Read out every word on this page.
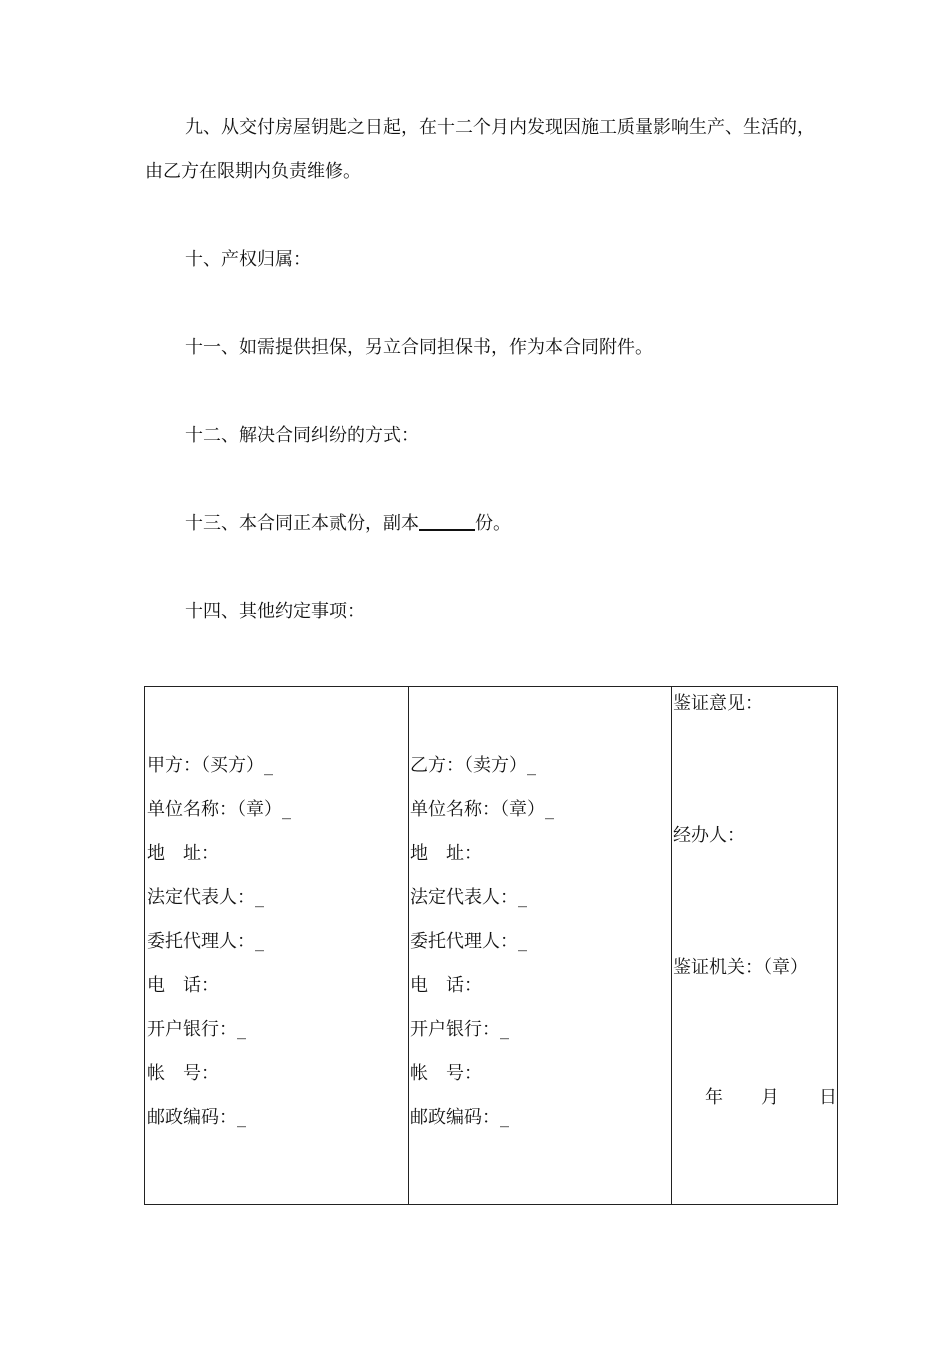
九、从交付房屋钥匙之日起，在十二个月内发现因施工质量影响生产、生活的，由乙方在限期内负责维修。

十、产权归属：

十一、如需提供担保，另立合同担保书，作为本合同附件。

十二、解决合同纠纷的方式：

十三、本合同正本贰份，副本	份。

十四、其他约定事项：

甲方：（买方）_
单位名称：（章）_
地　址：
法定代表人：_
委托代理人：_
电　话：
开户银行：_
帐　号：
邮政编码：_
乙方：（卖方）_
单位名称：（章）_
地　址：
法定代表人：_
委托代理人：_
电　话：
开户银行：_
帐　号：
邮政编码：_
鉴证意见：
经办人：
鉴证机关：（章）
年 月 日
